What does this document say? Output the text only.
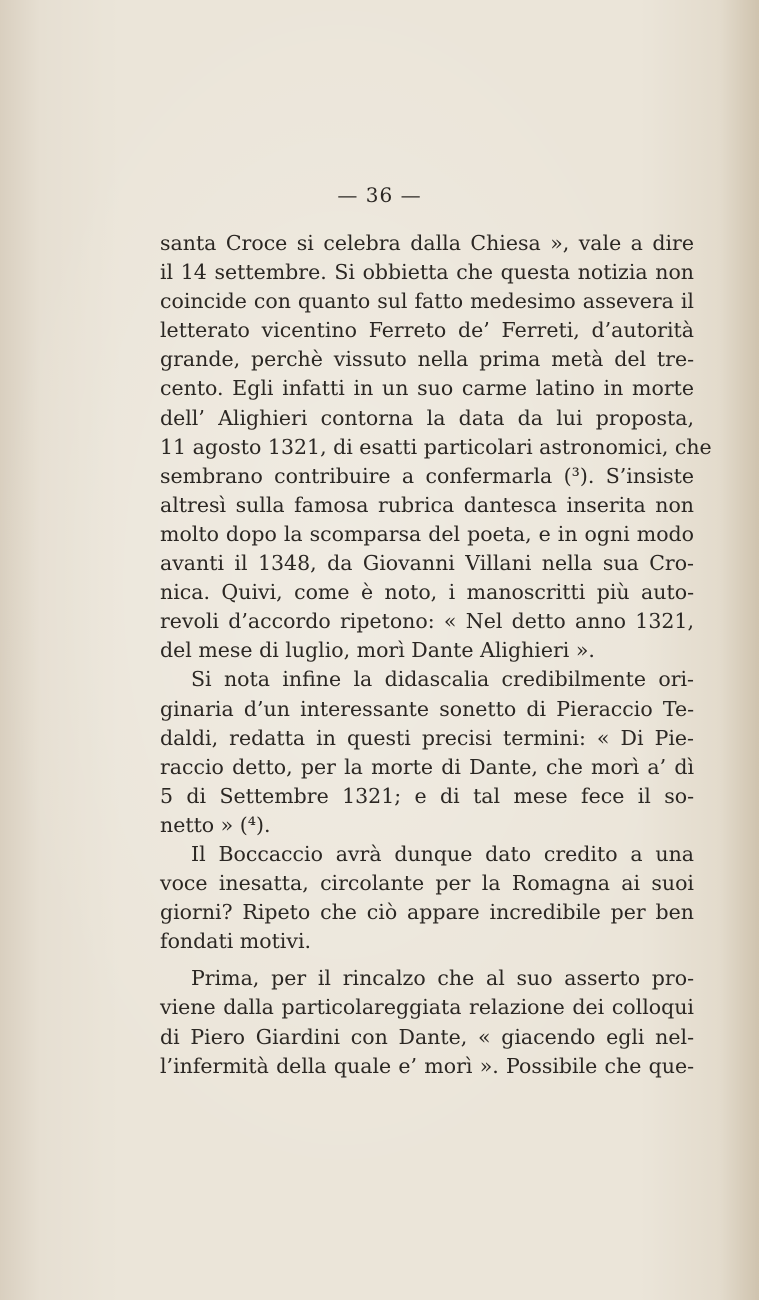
— 36 —
santa Croce si celebra dalla Chiesa », vale a dire
il 14 settembre. Si obbietta che questa notizia non
coincide con quanto sul fatto medesimo assevera il
letterato vicentino Ferreto de’ Ferreti, d’autorità
grande, perchè vissuto nella prima metà del tre-
cento. Egli infatti in un suo carme latino in morte
dell’ Alighieri contorna la data da lui proposta,
11 agosto 1321, di esatti particolari astronomici, che
sembrano contribuire a confermarla (³). S’insiste
altresì sulla famosa rubrica dantesca inserita non
molto dopo la scomparsa del poeta, e in ogni modo
avanti il 1348, da Giovanni Villani nella sua Cro-
nica. Quivi, come è noto, i manoscritti più auto-
revoli d’accordo ripetono: « Nel detto anno 1321,
del mese di luglio, morì Dante Alighieri ».
Si nota infine la didascalia credibilmente ori-
ginaria d’un interessante sonetto di Pieraccio Te-
daldi, redatta in questi precisi termini: « Di Pie-
raccio detto, per la morte di Dante, che morì a’ dì
5 di Settembre 1321; e di tal mese fece il so-
netto » (⁴).
Il Boccaccio avrà dunque dato credito a una
voce inesatta, circolante per la Romagna ai suoi
giorni? Ripeto che ciò appare incredibile per ben
fondati motivi.
Prima, per il rincalzo che al suo asserto pro-
viene dalla particolareggiata relazione dei colloqui
di Piero Giardini con Dante, « giacendo egli nel-
l’infermità della quale e’ morì ». Possibile che que-
